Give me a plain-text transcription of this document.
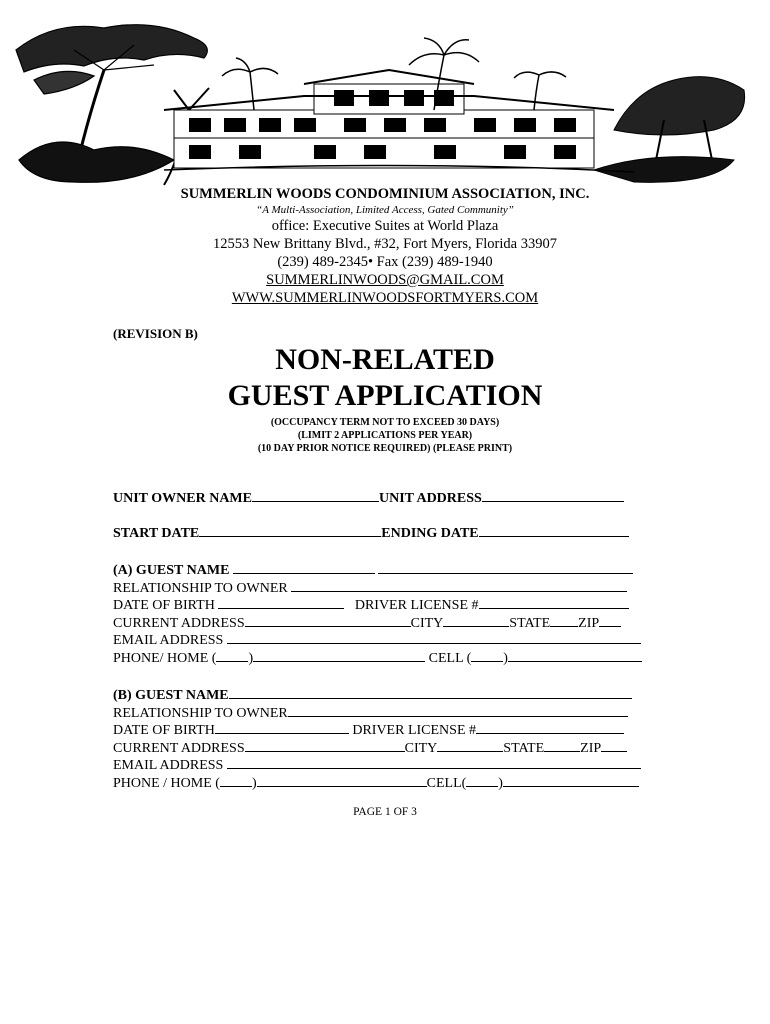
SUMMERLIN WOODS CONDOMINIUM ASSOCIATION, INC.
“A Multi-Association, Limited Access, Gated Community”
office: Executive Suites at World Plaza
12553 New Brittany Blvd., #32, Fort Myers, Florida 33907
(239) 489-2345• Fax (239) 489-1940
SUMMERLINWOODS@GMAIL.COM
WWW.SUMMERLINWOODSFORTMYERS.COM
(REVISION B)
NON-RELATED
GUEST APPLICATION
(OCCUPANCY TERM NOT TO EXCEED 30 DAYS)
(LIMIT 2 APPLICATIONS PER YEAR)
(10 DAY PRIOR NOTICE REQUIRED) (PLEASE PRINT)
UNIT OWNER NAME	UNIT ADDRESS
START DATE	ENDING DATE
(A) GUEST NAME
RELATIONSHIP TO OWNER
DATE OF BIRTH	DRIVER LICENSE #
CURRENT ADDRESS	CITY	STATE ZIP
EMAIL ADDRESS
PHONE/ HOME ( )	CELL ( )
(B) GUEST NAME
RELATIONSHIP TO OWNER
DATE OF BIRTH	DRIVER LICENSE #
CURRENT ADDRESS	CITY	STATE	ZIP
EMAIL ADDRESS
PHONE / HOME ( )	CELL( )
PAGE 1 OF 3
